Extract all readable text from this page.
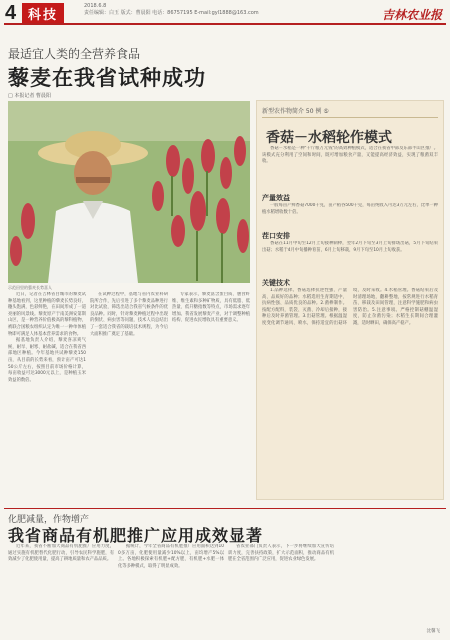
4 科技
2018.6.8
责任编辑：白玉 版式：曹晨阳 电话：86757195 E-mail:gyl1888@163.com	吉林农业报
最适宜人类的全营养食品
藜麦在我省试种成功
□ 本报记者 曹晨阳
示范田里的藜麦长势喜人

近日，记者在吉林省白城市的藜麦试种基地看到，这里种植的藜麦长势良好，穗头饱满，色彩鲜艳，在田间形成了一道亮丽的风景线。藜麦原产于南美洲安第斯山区，是一种营养价值极高的藜科植物，被联合国粮农组织认定为唯一一种单体植物即可满足人体基本营养需求的食物。

据基地负责人介绍，藜麦喜凉爽气候，耐旱、耐寒、耐盐碱，适合在我省西部地区种植。今年基地共试种藜麦150亩，从目前的长势来看，预计亩产可达150公斤左右，按照目前市场价格计算，每亩收益可达3000元以上，是种植玉米效益的数倍。

在试种过程中，基地与省内农业科研院所合作，先后引进了多个藜麦品种进行对比试验，筛选出适合我省气候条件的优良品种。同时，针对藜麦种植过程中出现的倒伏、病虫害等问题，技术人员总结出了一套适合我省的栽培技术规程，为今后大面积推广奠定了基础。

专家表示，藜麦富含蛋白质、膳食纤维、维生素和多种矿物质，具有低脂、低热量、低升糖指数等特点，市场需求逐年增加。我省发展藜麦产业，对于调整种植结构、促进农民增收具有重要意义。

新型农作物简介 50 例 ⑤
香菇－水稻轮作模式

香菇－水稻是一种"千斤粮万元钱"的高效种植模式，适合在我省中部及东部半山区推广。该模式充分利用了空间和时间，既可增加粮食产量，又能提高经济效益，实现了粮菌双丰收。

产量效益

一般每亩产鲜香菇7000千克，亩产稻谷500千克，每亩纯收入可达3万元左右，比单一种植水稻增收数十倍。

茬口安排

香菇在11月中旬至12月上旬接种制棒，翌年2月下旬至3月上旬排场出菇，5月下旬结束出菇；水稻于4月中旬播种育苗，6月上旬移栽，9月下旬至10月上旬收获。

关键技术

1.品种选择。香菇选择抗逆性强、产量高、品质好的品种；水稻选用生育期适中、抗病性强、品质优良的品种。2.菌棒制作。按配方配料，装袋、灭菌、冷却后接种，接种后及时养菌管理。3.出菇管理。根据温湿度变化调节通风、喷水，保持适宜的出菇环境，及时采收。4.水稻管理。香菇结束后及时清理场地，翻耕整地，按常规进行水稻育苗、移栽及田间管理，注意科学施肥和病虫害防治。5.注意事项。严格控制菇棚温湿度，防止杂菌污染；水稻生长期间合理灌溉，适时晒田，确保高产稳产。

化肥减量，作物增产
我省商品有机肥推广应用成效显著

近年来，我省不断加大商品有机肥推广应用力度，通过实施有机肥替代化肥行动，引导农民科学施肥，有效减少了化肥使用量，提高了耕地质量和农产品品质。

据统计，今年全省商品有机肥推广应用面积达到100多万亩，化肥使用量减少10%以上，亩均增产5%以上。各地积极探索有机肥+配方肥、有机肥+水肥一体化等多种模式，取得了明显成效。

省农业部门负责人表示，下一步将继续加大宣传培训力度，完善扶持政策，扩大示范面积，推动商品有机肥在全省范围内广泛应用，促进农业绿色发展。

沈馨飞
